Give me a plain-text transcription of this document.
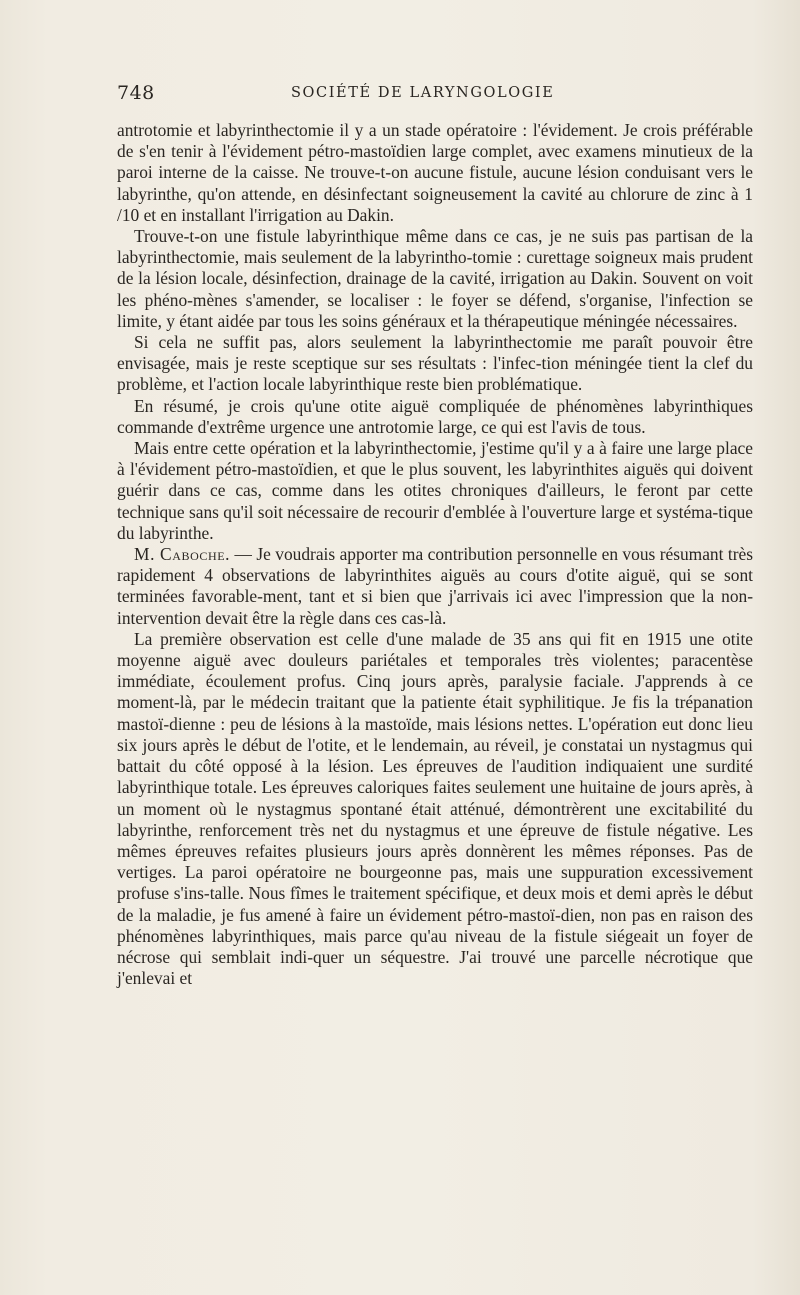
748	SOCIÉTÉ DE LARYNGOLOGIE

antrotomie et labyrinthectomie il y a un stade opératoire : l'évidement. Je crois préférable de s'en tenir à l'évidement pétro-mastoïdien large complet, avec examens minutieux de la paroi interne de la caisse. Ne trouve-t-on aucune fistule, aucune lésion conduisant vers le labyrinthe, qu'on attende, en désinfectant soigneusement la cavité au chlorure de zinc à 1 /10 et en installant l'irrigation au Dakin.

Trouve-t-on une fistule labyrinthique même dans ce cas, je ne suis pas partisan de la labyrinthectomie, mais seulement de la labyrintho-tomie : curettage soigneux mais prudent de la lésion locale, désinfection, drainage de la cavité, irrigation au Dakin. Souvent on voit les phéno-mènes s'amender, se localiser : le foyer se défend, s'organise, l'infection se limite, y étant aidée par tous les soins généraux et la thérapeutique méningée nécessaires.

Si cela ne suffit pas, alors seulement la labyrinthectomie me paraît pouvoir être envisagée, mais je reste sceptique sur ses résultats : l'infec-tion méningée tient la clef du problème, et l'action locale labyrinthique reste bien problématique.

En résumé, je crois qu'une otite aiguë compliquée de phénomènes labyrinthiques commande d'extrême urgence une antrotomie large, ce qui est l'avis de tous.

Mais entre cette opération et la labyrinthectomie, j'estime qu'il y a à faire une large place à l'évidement pétro-mastoïdien, et que le plus souvent, les labyrinthites aiguës qui doivent guérir dans ce cas, comme dans les otites chroniques d'ailleurs, le feront par cette technique sans qu'il soit nécessaire de recourir d'emblée à l'ouverture large et systéma-tique du labyrinthe.

M. Caboche. — Je voudrais apporter ma contribution personnelle en vous résumant très rapidement 4 observations de labyrinthites aiguës au cours d'otite aiguë, qui se sont terminées favorable-ment, tant et si bien que j'arrivais ici avec l'impression que la non-intervention devait être la règle dans ces cas-là.

La première observation est celle d'une malade de 35 ans qui fit en 1915 une otite moyenne aiguë avec douleurs pariétales et temporales très violentes; paracentèse immédiate, écoulement profus. Cinq jours après, paralysie faciale. J'apprends à ce moment-là, par le médecin traitant que la patiente était syphilitique. Je fis la trépanation mastoï-dienne : peu de lésions à la mastoïde, mais lésions nettes. L'opération eut donc lieu six jours après le début de l'otite, et le lendemain, au réveil, je constatai un nystagmus qui battait du côté opposé à la lésion. Les épreuves de l'audition indiquaient une surdité labyrinthique totale. Les épreuves caloriques faites seulement une huitaine de jours après, à un moment où le nystagmus spontané était atténué, démontrèrent une excitabilité du labyrinthe, renforcement très net du nystagmus et une épreuve de fistule négative. Les mêmes épreuves refaites plusieurs jours après donnèrent les mêmes réponses. Pas de vertiges. La paroi opératoire ne bourgeonne pas, mais une suppuration excessivement profuse s'ins-talle. Nous fîmes le traitement spécifique, et deux mois et demi après le début de la maladie, je fus amené à faire un évidement pétro-mastoï-dien, non pas en raison des phénomènes labyrinthiques, mais parce qu'au niveau de la fistule siégeait un foyer de nécrose qui semblait indi-quer un séquestre. J'ai trouvé une parcelle nécrotique que j'enlevai et
